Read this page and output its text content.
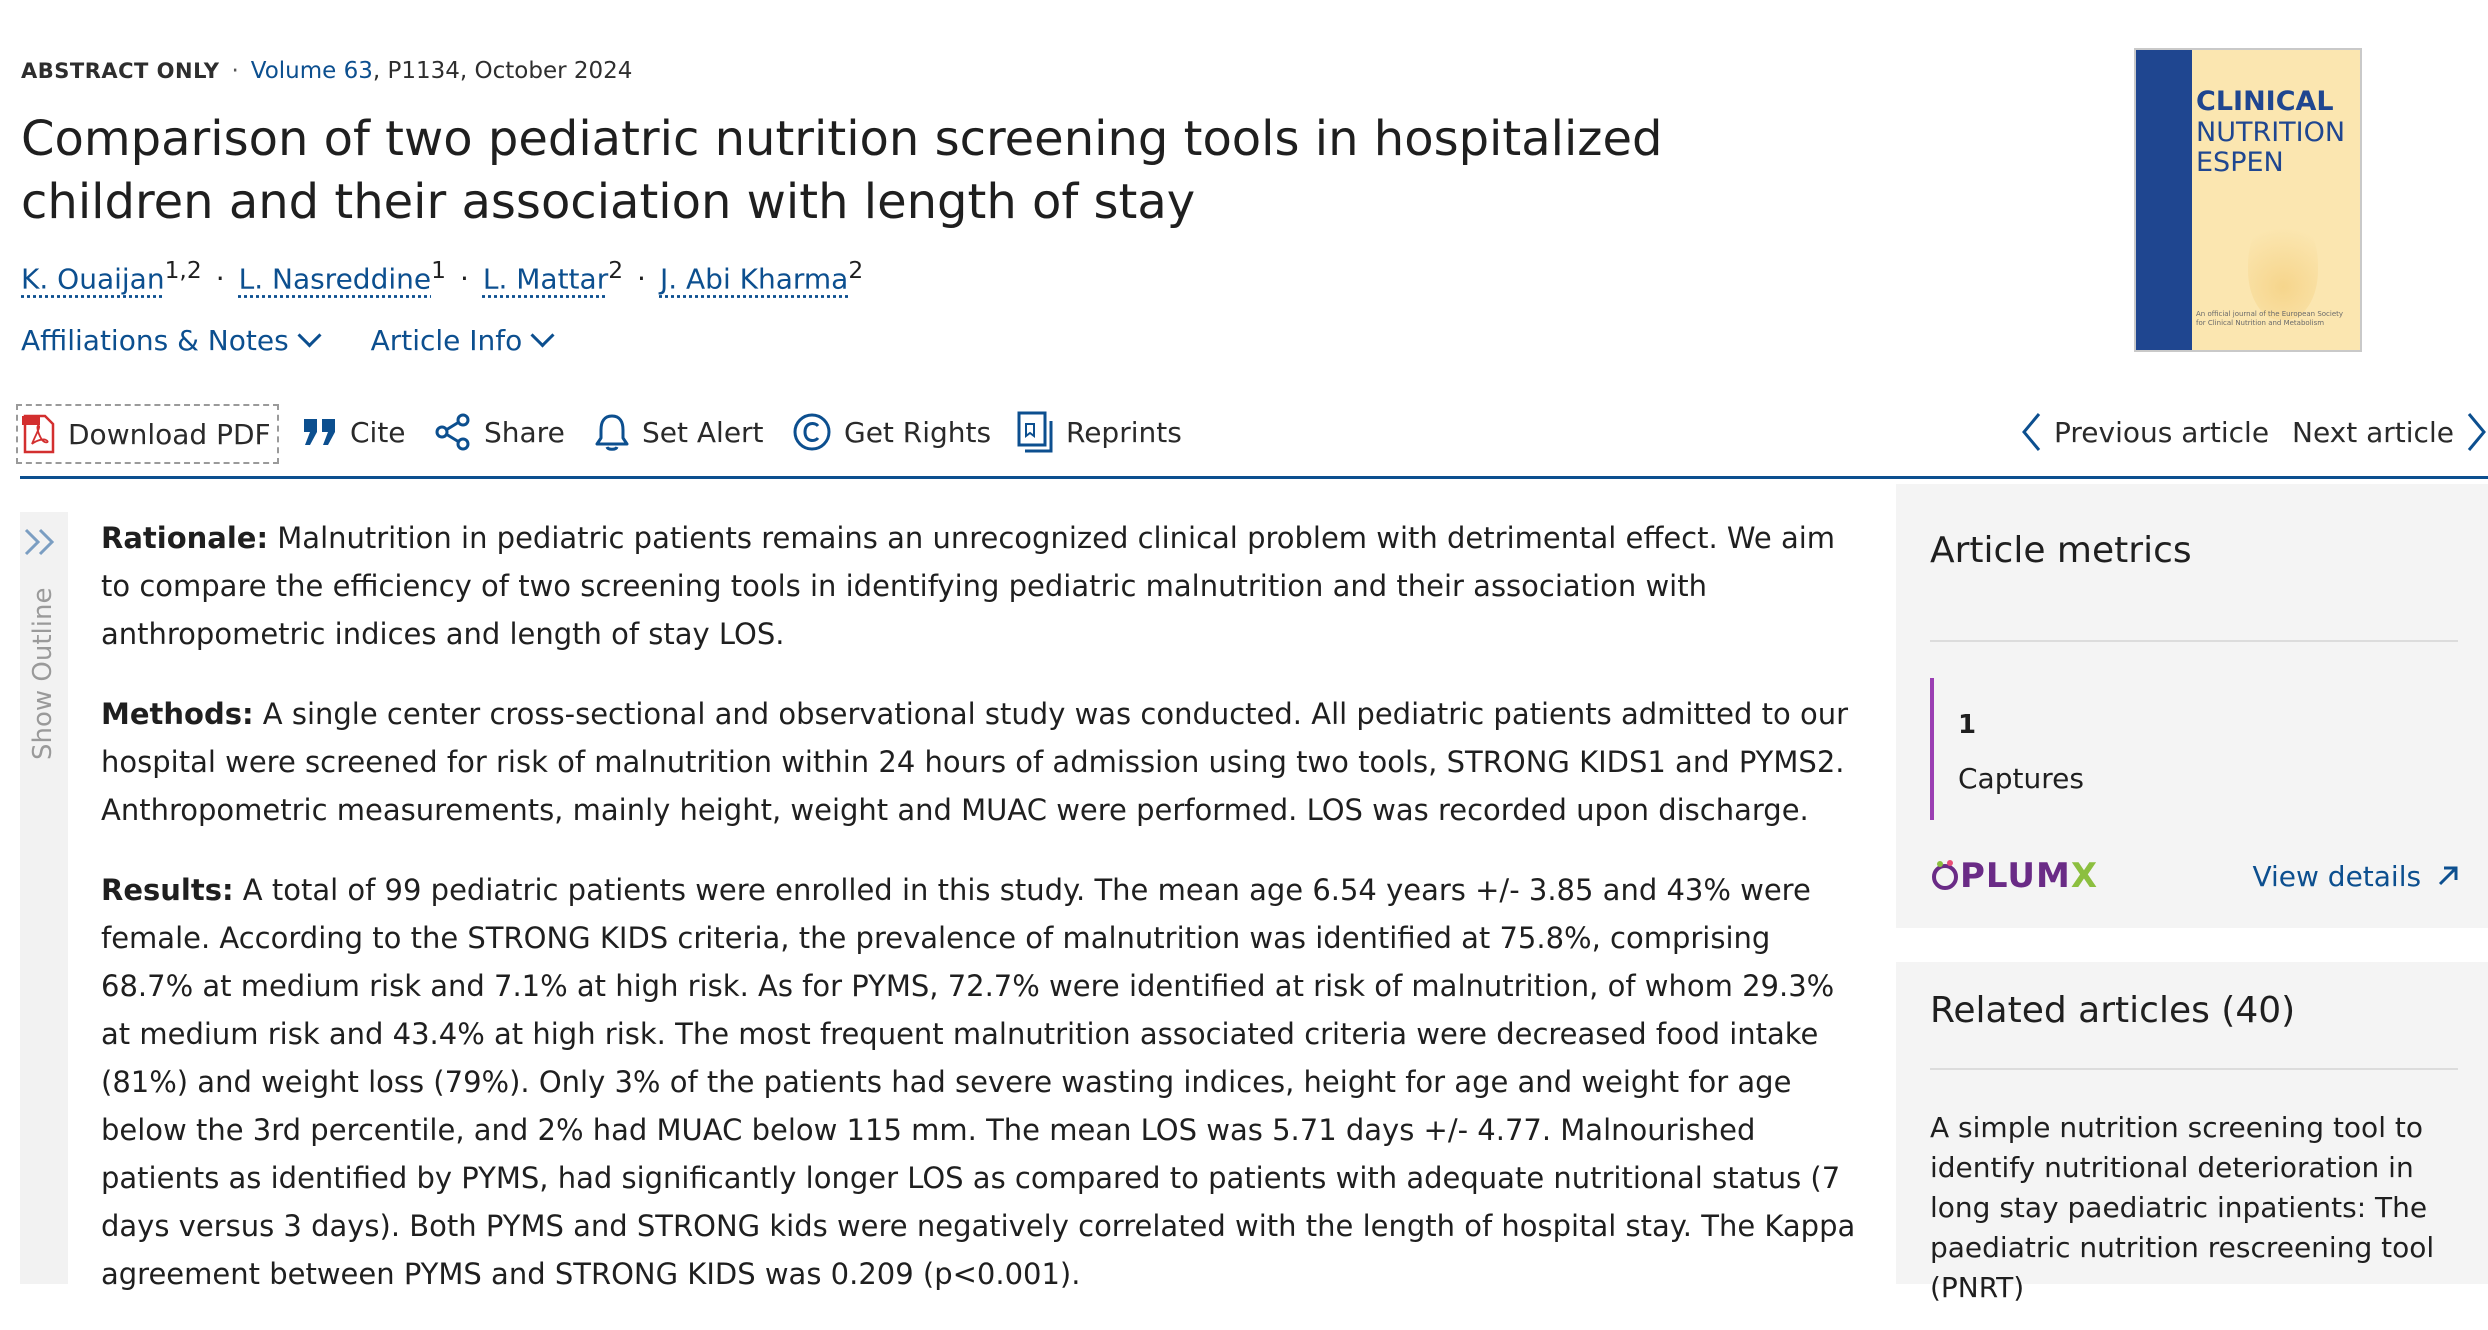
ABSTRACT ONLY · Volume 63, P1134, October 2024
Comparison of two pediatric nutrition screening tools in hospitalized children and their association with length of stay
K. Ouaijan$^{1,2}$ · L. Nasreddine$^1$ · L. Mattar$^2$ · J. Abi Kharma$^2$
Affiliations & Notes	Article Info
Download PDF	Cite	Share	Set Alert	Get Rights	Reprints	Previous article Next article
Show Outline

Rationale: Malnutrition in pediatric patients remains an unrecognized clinical problem with detrimental effect. We aim to compare the efficiency of two screening tools in identifying pediatric malnutrition and their association with anthropometric indices and length of stay LOS.

Methods: A single center cross-sectional and observational study was conducted. All pediatric patients admitted to our hospital were screened for risk of malnutrition within 24 hours of admission using two tools, STRONG KIDS1 and PYMS2. Anthropometric measurements, mainly height, weight and MUAC were performed. LOS was recorded upon discharge.

Results: A total of 99 pediatric patients were enrolled in this study. The mean age 6.54 years +/- 3.85 and 43% were female. According to the STRONG KIDS criteria, the prevalence of malnutrition was identified at 75.8%, comprising 68.7% at medium risk and 7.1% at high risk. As for PYMS, 72.7% were identified at risk of malnutrition, of whom 29.3% at medium risk and 43.4% at high risk. The most frequent malnutrition associated criteria were decreased food intake (81%) and weight loss (79%). Only 3% of the patients had severe wasting indices, height for age and weight for age below the 3rd percentile, and 2% had MUAC below 115 mm. The mean LOS was 5.71 days +/- 4.77. Malnourished patients as identified by PYMS, had significantly longer LOS as compared to patients with adequate nutritional status (7 days versus 3 days). Both PYMS and STRONG kids were negatively correlated with the length of hospital stay. The Kappa agreement between PYMS and STRONG KIDS was 0.209 (p<0.001).

CLINICAL
NUTRITION
ESPEN
An official journal of the European Society for Clinical Nutrition and Metabolism
Article metrics
1
Captures
PLUMX	View details
Related articles (40)
A simple nutrition screening tool to identify nutritional deterioration in long stay paediatric inpatients: The paediatric nutrition rescreening tool (PNRT)
